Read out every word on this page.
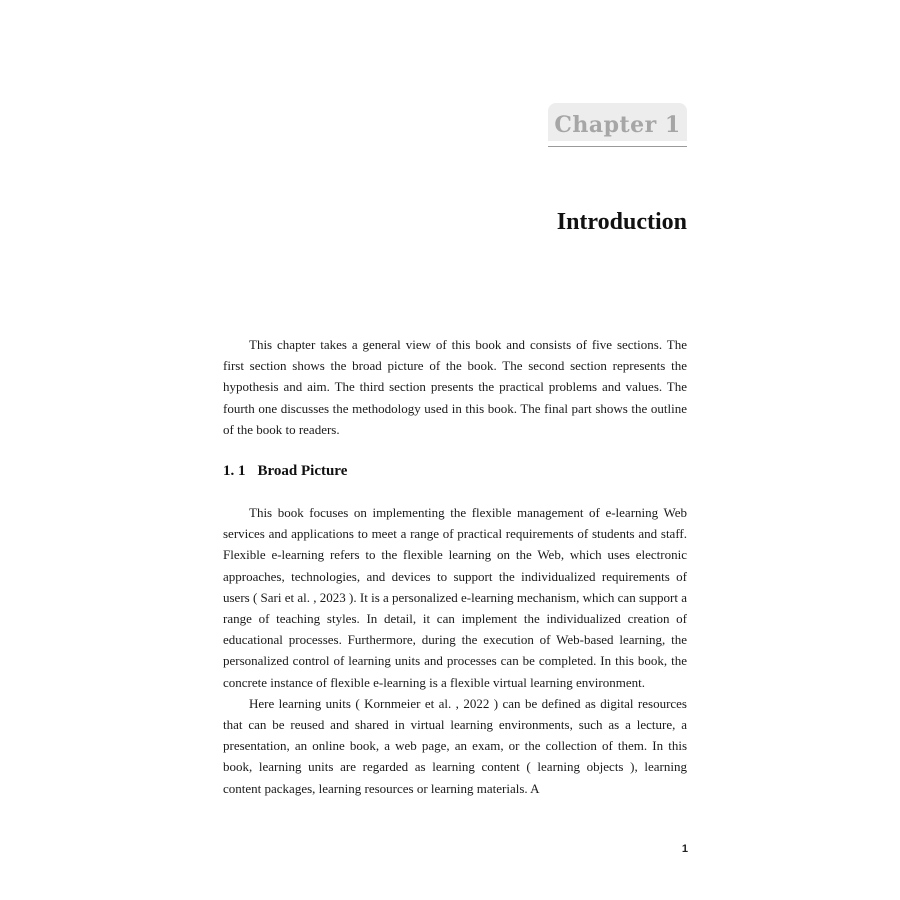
Chapter 1
Introduction

This chapter takes a general view of this book and consists of five sections. The first section shows the broad picture of the book. The second section represents the hypothesis and aim. The third section presents the practical problems and values. The fourth one discusses the methodology used in this book. The final part shows the outline of the book to readers.

1. 1 Broad Picture

This book focuses on implementing the flexible management of e-learning Web services and applications to meet a range of practical requirements of students and staff. Flexible e-learning refers to the flexible learning on the Web, which uses electronic approaches, technologies, and devices to support the individualized requirements of users ( Sari et al. , 2023 ). It is a personalized e-learning mechanism, which can support a range of teaching styles. In detail, it can implement the individualized creation of educational processes. Furthermore, during the execution of Web-based learning, the personalized control of learning units and processes can be completed. In this book, the concrete instance of flexible e-learning is a flexible virtual learning environment.

Here learning units ( Kornmeier et al. , 2022 ) can be defined as digital resources that can be reused and shared in virtual learning environments, such as a lecture, a presentation, an online book, a web page, an exam, or the collection of them. In this book, learning units are regarded as learning content ( learning objects ), learning content packages, learning resources or learning materials. A

1
